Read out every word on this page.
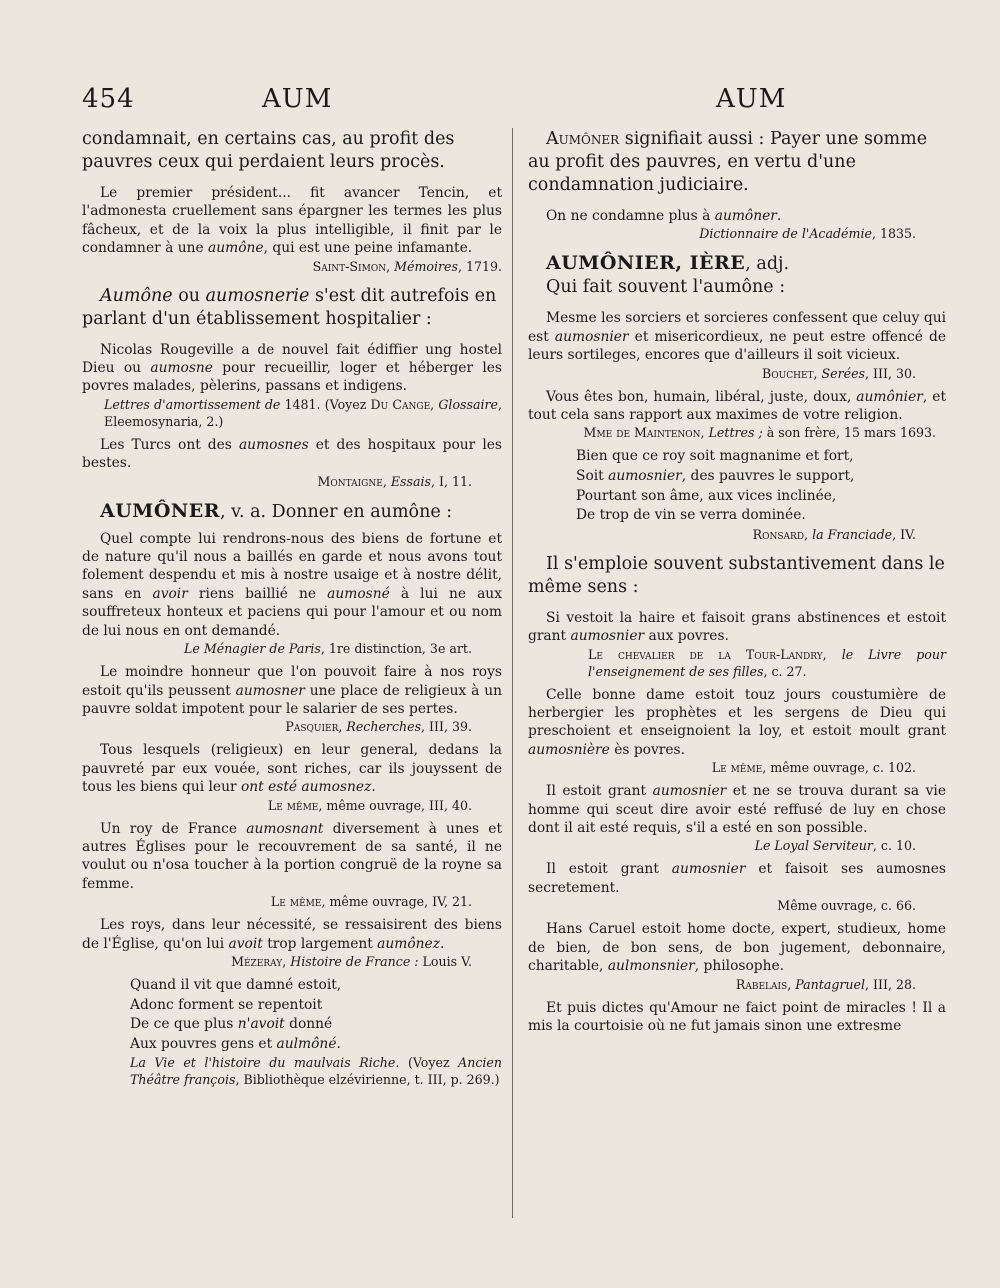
454	AUM	AUM

condamnait, en certains cas, au profit des pauvres ceux qui perdaient leurs procès.

Le premier président... fit avancer Tencin, et l'admonesta cruellement sans épargner les termes les plus fâcheux, et de la voix la plus intelligible, il finit par le condamner à une aumône, qui est une peine infamante.

Saint-Simon, Mémoires, 1719.

Aumône ou aumosnerie s'est dit autrefois en parlant d'un établissement hospitalier :

Nicolas Rougeville a de nouvel fait édiffier ung hostel Dieu ou aumosne pour recueillir, loger et héberger les povres malades, pèlerins, passans et indigens.

Lettres d'amortissement de 1481. (Voyez Du Cange, Glossaire, Eleemosynaria, 2.)

Les Turcs ont des aumosnes et des hospitaux pour les bestes.

Montaigne, Essais, I, 11.

AUMÔNER, v. a. Donner en aumône :

Quel compte lui rendrons-nous des biens de fortune et de nature qu'il nous a baillés en garde et nous avons tout folement despendu et mis à nostre usaige et à nostre délit, sans en avoir riens baillié ne aumosné à lui ne aux souffreteux honteux et paciens qui pour l'amour et ou nom de lui nous en ont demandé.

Le Ménagier de Paris, 1re distinction, 3e art.

Le moindre honneur que l'on pouvoit faire à nos roys estoit qu'ils peussent aumosner une place de religieux à un pauvre soldat impotent pour le salarier de ses pertes.

Pasquier, Recherches, III, 39.

Tous lesquels (religieux) en leur general, dedans la pauvreté par eux vouée, sont riches, car ils jouyssent de tous les biens qui leur ont esté aumosnez.

Le même, même ouvrage, III, 40.

Un roy de France aumosnant diversement à unes et autres Églises pour le recouvrement de sa santé, il ne voulut ou n'osa toucher à la portion congruë de la royne sa femme.

Le même, même ouvrage, IV, 21.

Les roys, dans leur nécessité, se ressaisirent des biens de l'Église, qu'on lui avoit trop largement aumônez.

Mézeray, Histoire de France : Louis V.

Quand il vit que damné estoit,

Adonc forment se repentoit

De ce que plus n'avoit donné

Aux pouvres gens et aulmôné.

La Vie et l'histoire du maulvais Riche. (Voyez Ancien Théâtre françois, Bibliothèque elzévirienne, t. III, p. 269.)

Aumôner signifiait aussi : Payer une somme au profit des pauvres, en vertu d'une condamnation judiciaire.

On ne condamne plus à aumôner.

Dictionnaire de l'Académie, 1835.

AUMÔNIER, IÈRE, adj.

Qui fait souvent l'aumône :

Mesme les sorciers et sorcieres confessent que celuy qui est aumosnier et misericordieux, ne peut estre offencé de leurs sortileges, encores que d'ailleurs il soit vicieux.

Bouchet, Serées, III, 30.

Vous êtes bon, humain, libéral, juste, doux, aumônier, et tout cela sans rapport aux maximes de votre religion.

Mme de Maintenon, Lettres ; à son frère, 15 mars 1693.

Bien que ce roy soit magnanime et fort,

Soit aumosnier, des pauvres le support,

Pourtant son âme, aux vices inclinée,

De trop de vin se verra dominée.

Ronsard, la Franciade, IV.

Il s'emploie souvent substantivement dans le même sens :

Si vestoit la haire et faisoit grans abstinences et estoit grant aumosnier aux povres.

Le chevalier de la Tour-Landry, le Livre pour l'enseignement de ses filles, c. 27.

Celle bonne dame estoit touz jours coustumière de herbergier les prophètes et les sergens de Dieu qui preschoient et enseignoient la loy, et estoit moult grant aumosnière ès povres.

Le même, même ouvrage, c. 102.

Il estoit grant aumosnier et ne se trouva durant sa vie homme qui sceut dire avoir esté reffusé de luy en chose dont il ait esté requis, s'il a esté en son possible.

Le Loyal Serviteur, c. 10.

Il estoit grant aumosnier et faisoit ses aumosnes secretement.

Même ouvrage, c. 66.

Hans Caruel estoit home docte, expert, studieux, home de bien, de bon sens, de bon jugement, debonnaire, charitable, aulmonsnier, philosophe.

Rabelais, Pantagruel, III, 28.

Et puis dictes qu'Amour ne faict point de miracles ! Il a mis la courtoisie où ne fut jamais sinon une extresme
